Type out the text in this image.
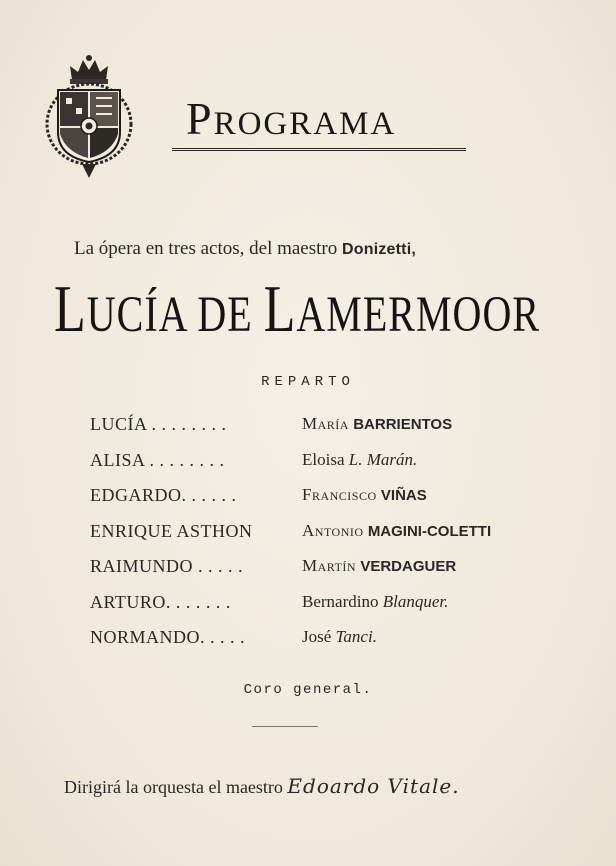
PROGRAMA
La ópera en tres actos, del maestro Donizetti,
LUCÍA DE LAMERMOOR
REPARTO
LUCÍA . . . . . . . .	María BARRIENTOS
ALISA . . . . . . . .	Eloisa L. Marán.
EDGARDO. . . . . .	Francisco VIÑAS
ENRIQUE ASTHON	Antonio MAGINI-COLETTI
RAIMUNDO . . . . .	Martín VERDAGUER
ARTURO. . . . . . .	Bernardino Blanquer.
NORMANDO. . . . .	José Tanci.
Coro general.
Dirigirá la orquesta el maestro Edoardo Vitale.
